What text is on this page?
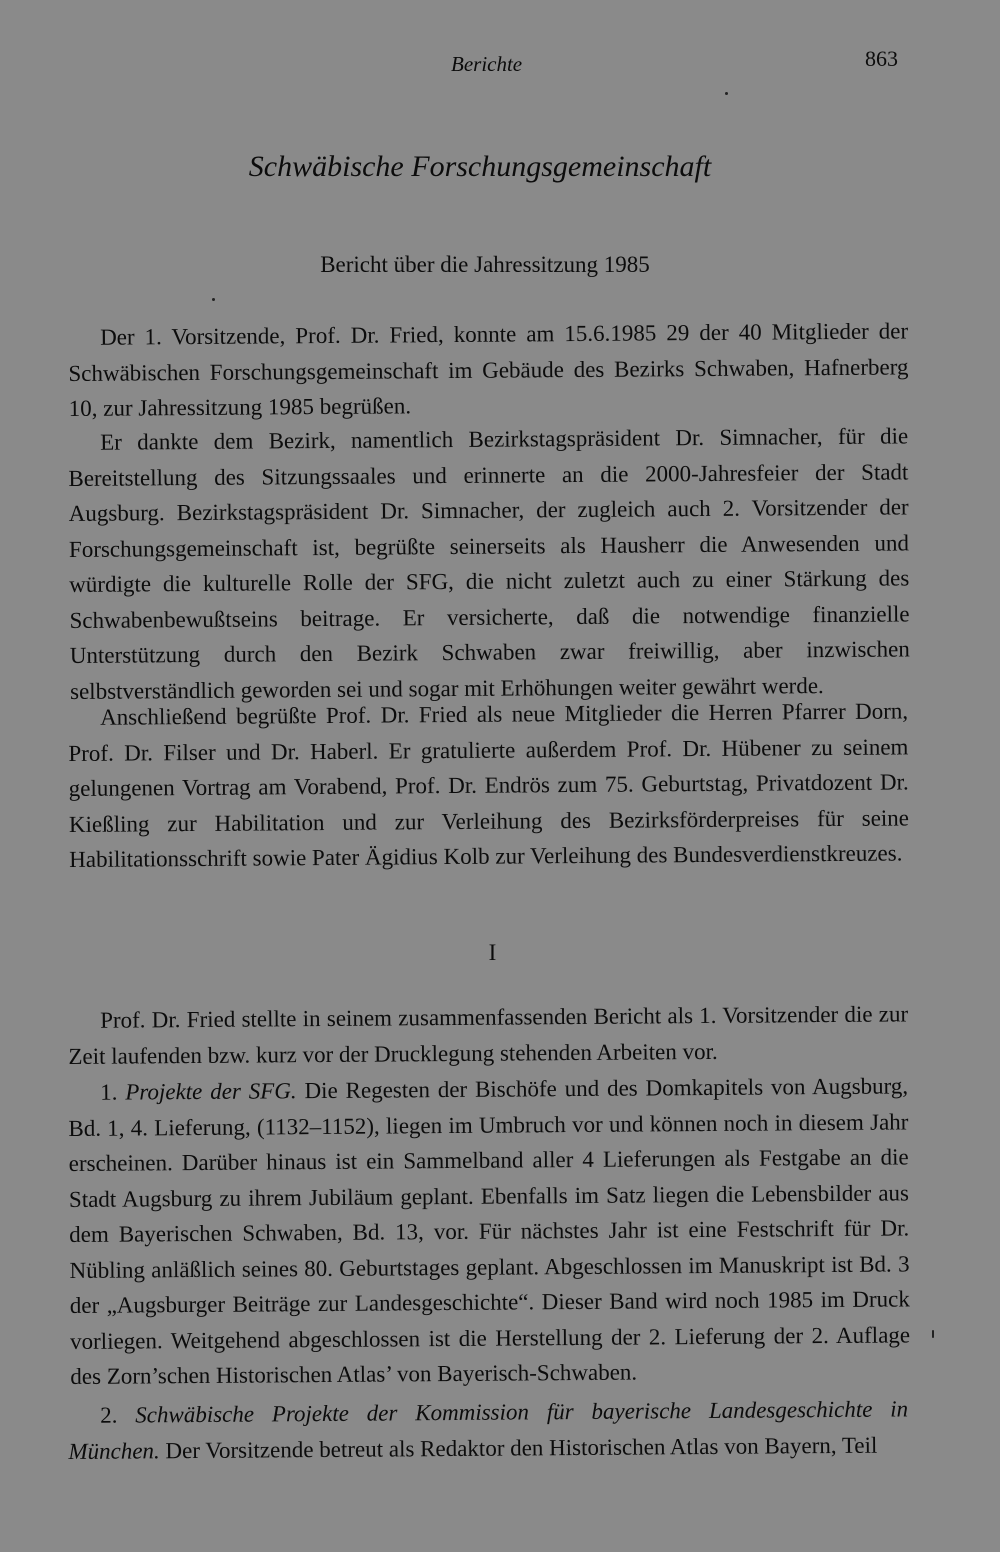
Berichte	863
Schwäbische Forschungsgemeinschaft
Bericht über die Jahressitzung 1985

Der 1. Vorsitzende, Prof. Dr. Fried, konnte am 15.6.1985 29 der 40 Mitglieder der Schwäbischen Forschungsgemeinschaft im Gebäude des Bezirks Schwaben, Hafnerberg 10, zur Jahressitzung 1985 begrüßen.

Er dankte dem Bezirk, namentlich Bezirkstagspräsident Dr. Simnacher, für die Bereitstellung des Sitzungssaales und erinnerte an die 2000-Jahresfeier der Stadt Augsburg. Bezirkstagspräsident Dr. Simnacher, der zugleich auch 2. Vorsitzender der Forschungsgemeinschaft ist, begrüßte seinerseits als Hausherr die Anwesenden und würdigte die kulturelle Rolle der SFG, die nicht zuletzt auch zu einer Stärkung des Schwabenbewußtseins beitrage. Er versicherte, daß die notwendige finanzielle Unterstützung durch den Bezirk Schwaben zwar freiwillig, aber inzwischen selbstverständlich geworden sei und sogar mit Erhöhungen weiter gewährt werde.

Anschließend begrüßte Prof. Dr. Fried als neue Mitglieder die Herren Pfarrer Dorn, Prof. Dr. Filser und Dr. Haberl. Er gratulierte außerdem Prof. Dr. Hübener zu seinem gelungenen Vortrag am Vorabend, Prof. Dr. Endrös zum 75. Geburtstag, Privatdozent Dr. Kießling zur Habilitation und zur Verleihung des Bezirksförderpreises für seine Habilitationsschrift sowie Pater Ägidius Kolb zur Verleihung des Bundesverdienstkreuzes.

I

Prof. Dr. Fried stellte in seinem zusammenfassenden Bericht als 1. Vorsitzender die zur Zeit laufenden bzw. kurz vor der Drucklegung stehenden Arbeiten vor.

1. Projekte der SFG. Die Regesten der Bischöfe und des Domkapitels von Augsburg, Bd. 1, 4. Lieferung, (1132–1152), liegen im Umbruch vor und können noch in diesem Jahr erscheinen. Darüber hinaus ist ein Sammelband aller 4 Lieferungen als Festgabe an die Stadt Augsburg zu ihrem Jubiläum geplant. Ebenfalls im Satz liegen die Lebensbilder aus dem Bayerischen Schwaben, Bd. 13, vor. Für nächstes Jahr ist eine Festschrift für Dr. Nübling anläßlich seines 80. Geburtstages geplant. Abgeschlossen im Manuskript ist Bd. 3 der „Augsburger Beiträge zur Landesgeschichte“. Dieser Band wird noch 1985 im Druck vorliegen. Weitgehend abgeschlossen ist die Herstellung der 2. Lieferung der 2. Auflage des Zorn’schen Historischen Atlas’ von Bayerisch-Schwaben.

2. Schwäbische Projekte der Kommission für bayerische Landesgeschichte in München. Der Vorsitzende betreut als Redaktor den Historischen Atlas von Bayern, Teil
